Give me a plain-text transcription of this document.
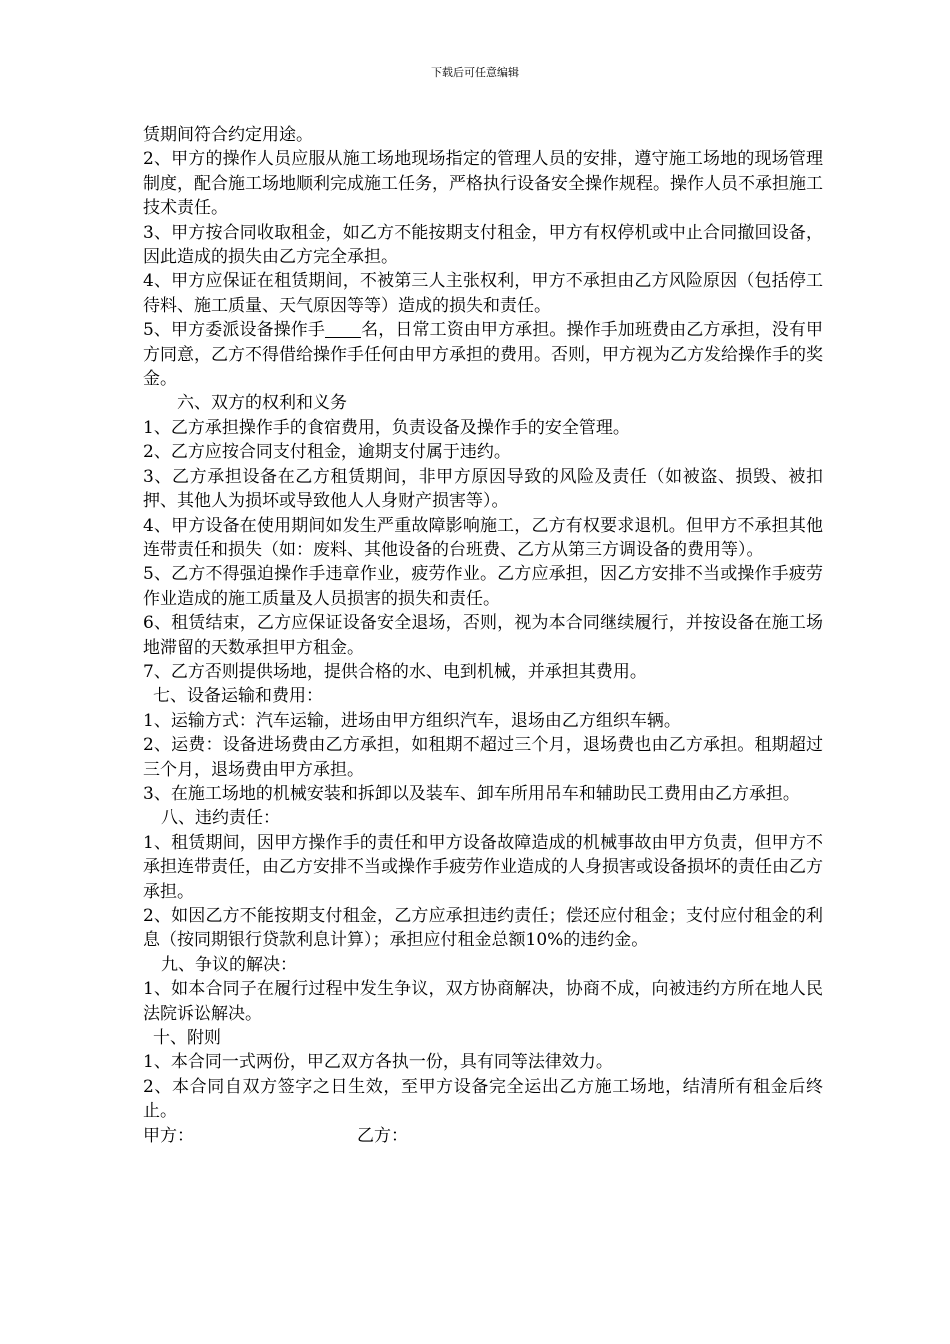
下载后可任意编辑

赁期间符合约定用途。

2、甲方的操作人员应服从施工场地现场指定的管理人员的安排，遵守施工场地的现场管理制度，配合施工场地顺利完成施工任务，严格执行设备安全操作规程。操作人员不承担施工技术责任。

3、甲方按合同收取租金，如乙方不能按期支付租金，甲方有权停机或中止合同撤回设备，因此造成的损失由乙方完全承担。

4、甲方应保证在租赁期间，不被第三人主张权利，甲方不承担由乙方风险原因（包括停工待料、施工质量、天气原因等等）造成的损失和责任。

5、甲方委派设备操作手 名，日常工资由甲方承担。操作手加班费由乙方承担，没有甲方同意，乙方不得借给操作手任何由甲方承担的费用。否则，甲方视为乙方发给操作手的奖金。

六、双方的权利和义务

1、乙方承担操作手的食宿费用，负责设备及操作手的安全管理。

2、乙方应按合同支付租金，逾期支付属于违约。

3、乙方承担设备在乙方租赁期间，非甲方原因导致的风险及责任（如被盗、损毁、被扣押、其他人为损坏或导致他人人身财产损害等）。

4、甲方设备在使用期间如发生严重故障影响施工，乙方有权要求退机。但甲方不承担其他连带责任和损失（如：废料、其他设备的台班费、乙方从第三方调设备的费用等）。

5、乙方不得强迫操作手违章作业，疲劳作业。乙方应承担，因乙方安排不当或操作手疲劳作业造成的施工质量及人员损害的损失和责任。

6、租赁结束，乙方应保证设备安全退场，否则，视为本合同继续履行，并按设备在施工场地滞留的天数承担甲方租金。

7、乙方否则提供场地，提供合格的水、电到机械，并承担其费用。

七、设备运输和费用：

1、运输方式：汽车运输，进场由甲方组织汽车，退场由乙方组织车辆。

2、运费：设备进场费由乙方承担，如租期不超过三个月，退场费也由乙方承担。租期超过三个月，退场费由甲方承担。

3、在施工场地的机械安装和拆卸以及装车、卸车所用吊车和辅助民工费用由乙方承担。

八、违约责任：

1、租赁期间，因甲方操作手的责任和甲方设备故障造成的机械事故由甲方负责，但甲方不承担连带责任，由乙方安排不当或操作手疲劳作业造成的人身损害或设备损坏的责任由乙方承担。

2、如因乙方不能按期支付租金，乙方应承担违约责任；偿还应付租金；支付应付租金的利息（按同期银行贷款利息计算）；承担应付租金总额10%的违约金。

九、争议的解决：

1、如本合同子在履行过程中发生争议，双方协商解决，协商不成，向被违约方所在地人民法院诉讼解决。

十、附则

1、本合同一式两份，甲乙双方各执一份，具有同等法律效力。

2、本合同自双方签字之日生效，至甲方设备完全运出乙方施工场地，结清所有租金后终止。

甲方：	乙方：
